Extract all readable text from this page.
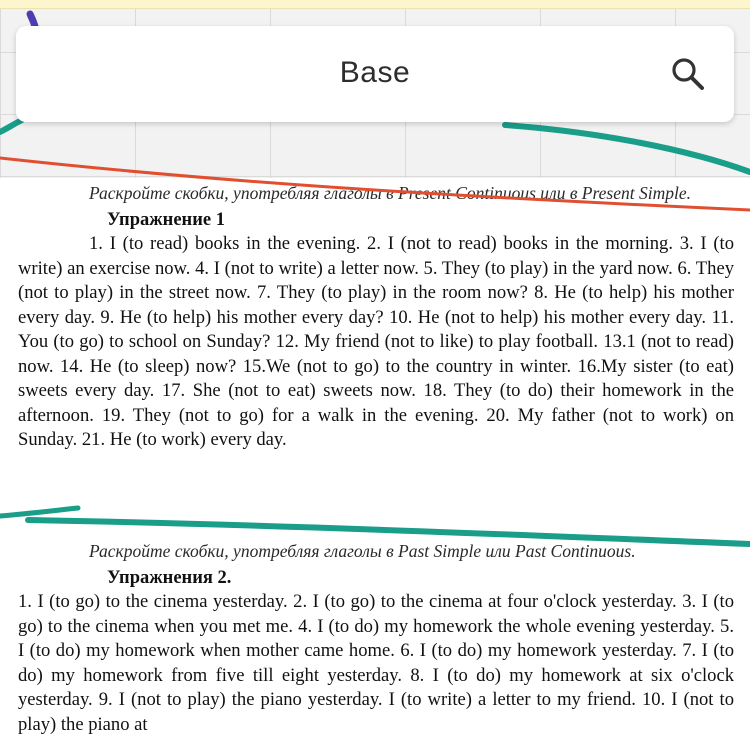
Раскройте скобки, употребляя глаголы в Present Continuous или в Present Simple.
Упражнение 1
1. I (to read) books in the evening. 2. I (not to read) books in the morning. 3. I (to write) an exercise now. 4. I (not to write) a letter now. 5. They (to play) in the yard now. 6. They (not to play) in the street now. 7. They (to play) in the room now? 8. He (to help) his mother every day. 9. He (to help) his mother every day? 10. He (not to help) his mother every day. 11. You (to go) to school on Sunday? 12. My friend (not to like) to play football. 13.1 (not to read) now. 14. He (to sleep) now? 15.We (not to go) to the country in winter. 16.My sister (to eat) sweets every day. 17. She (not to eat) sweets now. 18. They (to do) their homework in the afternoon. 19. They (not to go) for a walk in the evening. 20. My father (not to work) on Sunday. 21. He (to work) every day.
Раскройте скобки, употребляя глаголы в Past Simple или Past Continuous.
Упражнения 2.
1. I (to go) to the cinema yesterday. 2. I (to go) to the cinema at four o'clock yesterday. 3. I (to go) to the cinema when you met me. 4. I (to do) my homework the whole evening yesterday. 5. I (to do) my homework when mother came home. 6. I (to do) my homework yesterday. 7. I (to do) my homework from five till eight yesterday. 8. I (to do) my homework at six o'clock yesterday. 9. I (not to play) the piano yesterday. I (to write) a letter to my friend. 10. I (not to play) the piano at
Base
